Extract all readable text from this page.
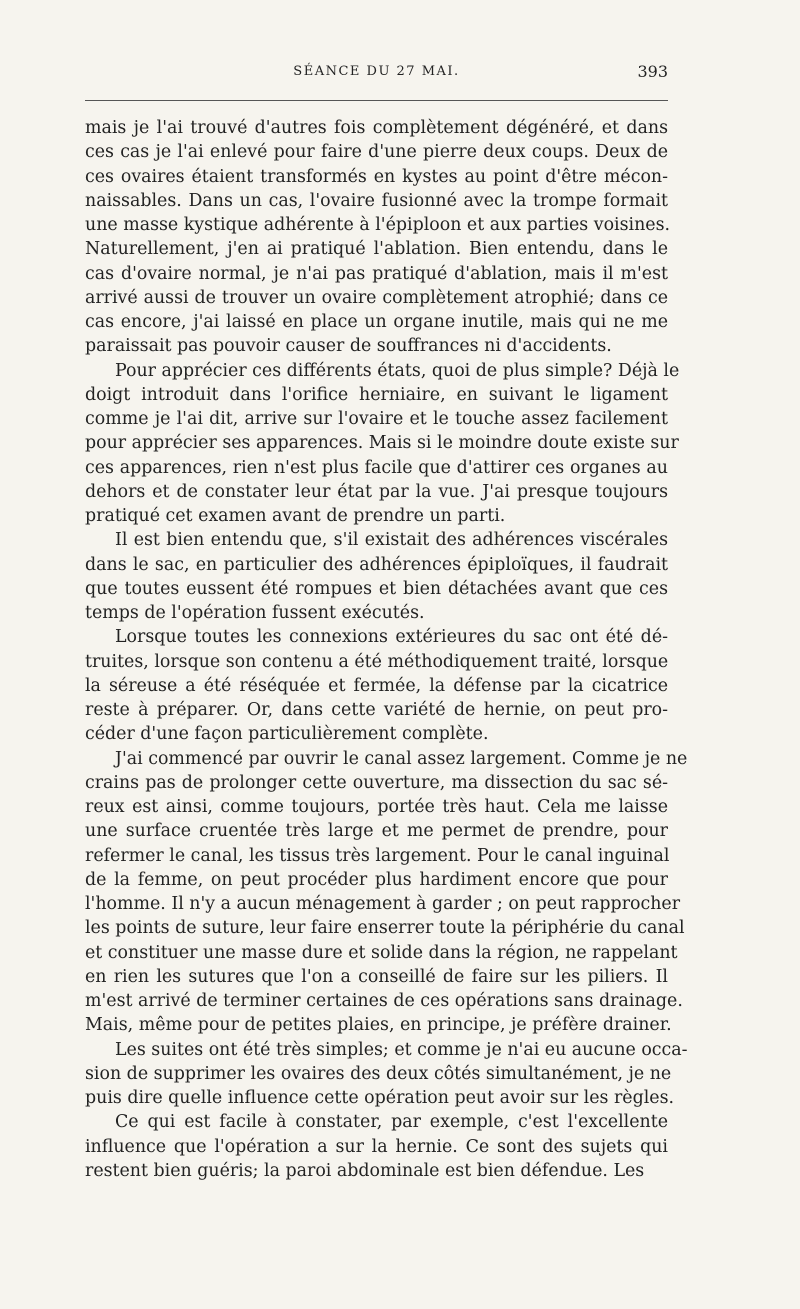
SÉANCE DU 27 MAI.	393

mais je l'ai trouvé d'autres fois complètement dégénéré, et dans
ces cas je l'ai enlevé pour faire d'une pierre deux coups. Deux de
ces ovaires étaient transformés en kystes au point d'être mécon-
naissables. Dans un cas, l'ovaire fusionné avec la trompe formait
une masse kystique adhérente à l'épiploon et aux parties voisines.
Naturellement, j'en ai pratiqué l'ablation. Bien entendu, dans le
cas d'ovaire normal, je n'ai pas pratiqué d'ablation, mais il m'est
arrivé aussi de trouver un ovaire complètement atrophié; dans ce
cas encore, j'ai laissé en place un organe inutile, mais qui ne me
paraissait pas pouvoir causer de souffrances ni d'accidents.

Pour apprécier ces différents états, quoi de plus simple? Déjà le
doigt introduit dans l'orifice herniaire, en suivant le ligament
comme je l'ai dit, arrive sur l'ovaire et le touche assez facilement
pour apprécier ses apparences. Mais si le moindre doute existe sur
ces apparences, rien n'est plus facile que d'attirer ces organes au
dehors et de constater leur état par la vue. J'ai presque toujours
pratiqué cet examen avant de prendre un parti.

Il est bien entendu que, s'il existait des adhérences viscérales
dans le sac, en particulier des adhérences épiploïques, il faudrait
que toutes eussent été rompues et bien détachées avant que ces
temps de l'opération fussent exécutés.

Lorsque toutes les connexions extérieures du sac ont été dé-
truites, lorsque son contenu a été méthodiquement traité, lorsque
la séreuse a été réséquée et fermée, la défense par la cicatrice
reste à préparer. Or, dans cette variété de hernie, on peut pro-
céder d'une façon particulièrement complète.

J'ai commencé par ouvrir le canal assez largement. Comme je ne
crains pas de prolonger cette ouverture, ma dissection du sac sé-
reux est ainsi, comme toujours, portée très haut. Cela me laisse
une surface cruentée très large et me permet de prendre, pour
refermer le canal, les tissus très largement. Pour le canal inguinal
de la femme, on peut procéder plus hardiment encore que pour
l'homme. Il n'y a aucun ménagement à garder ; on peut rapprocher
les points de suture, leur faire enserrer toute la périphérie du canal
et constituer une masse dure et solide dans la région, ne rappelant
en rien les sutures que l'on a conseillé de faire sur les piliers. Il
m'est arrivé de terminer certaines de ces opérations sans drainage.
Mais, même pour de petites plaies, en principe, je préfère drainer.

Les suites ont été très simples; et comme je n'ai eu aucune occa-
sion de supprimer les ovaires des deux côtés simultanément, je ne
puis dire quelle influence cette opération peut avoir sur les règles.

Ce qui est facile à constater, par exemple, c'est l'excellente
influence que l'opération a sur la hernie. Ce sont des sujets qui
restent bien guéris; la paroi abdominale est bien défendue. Les
